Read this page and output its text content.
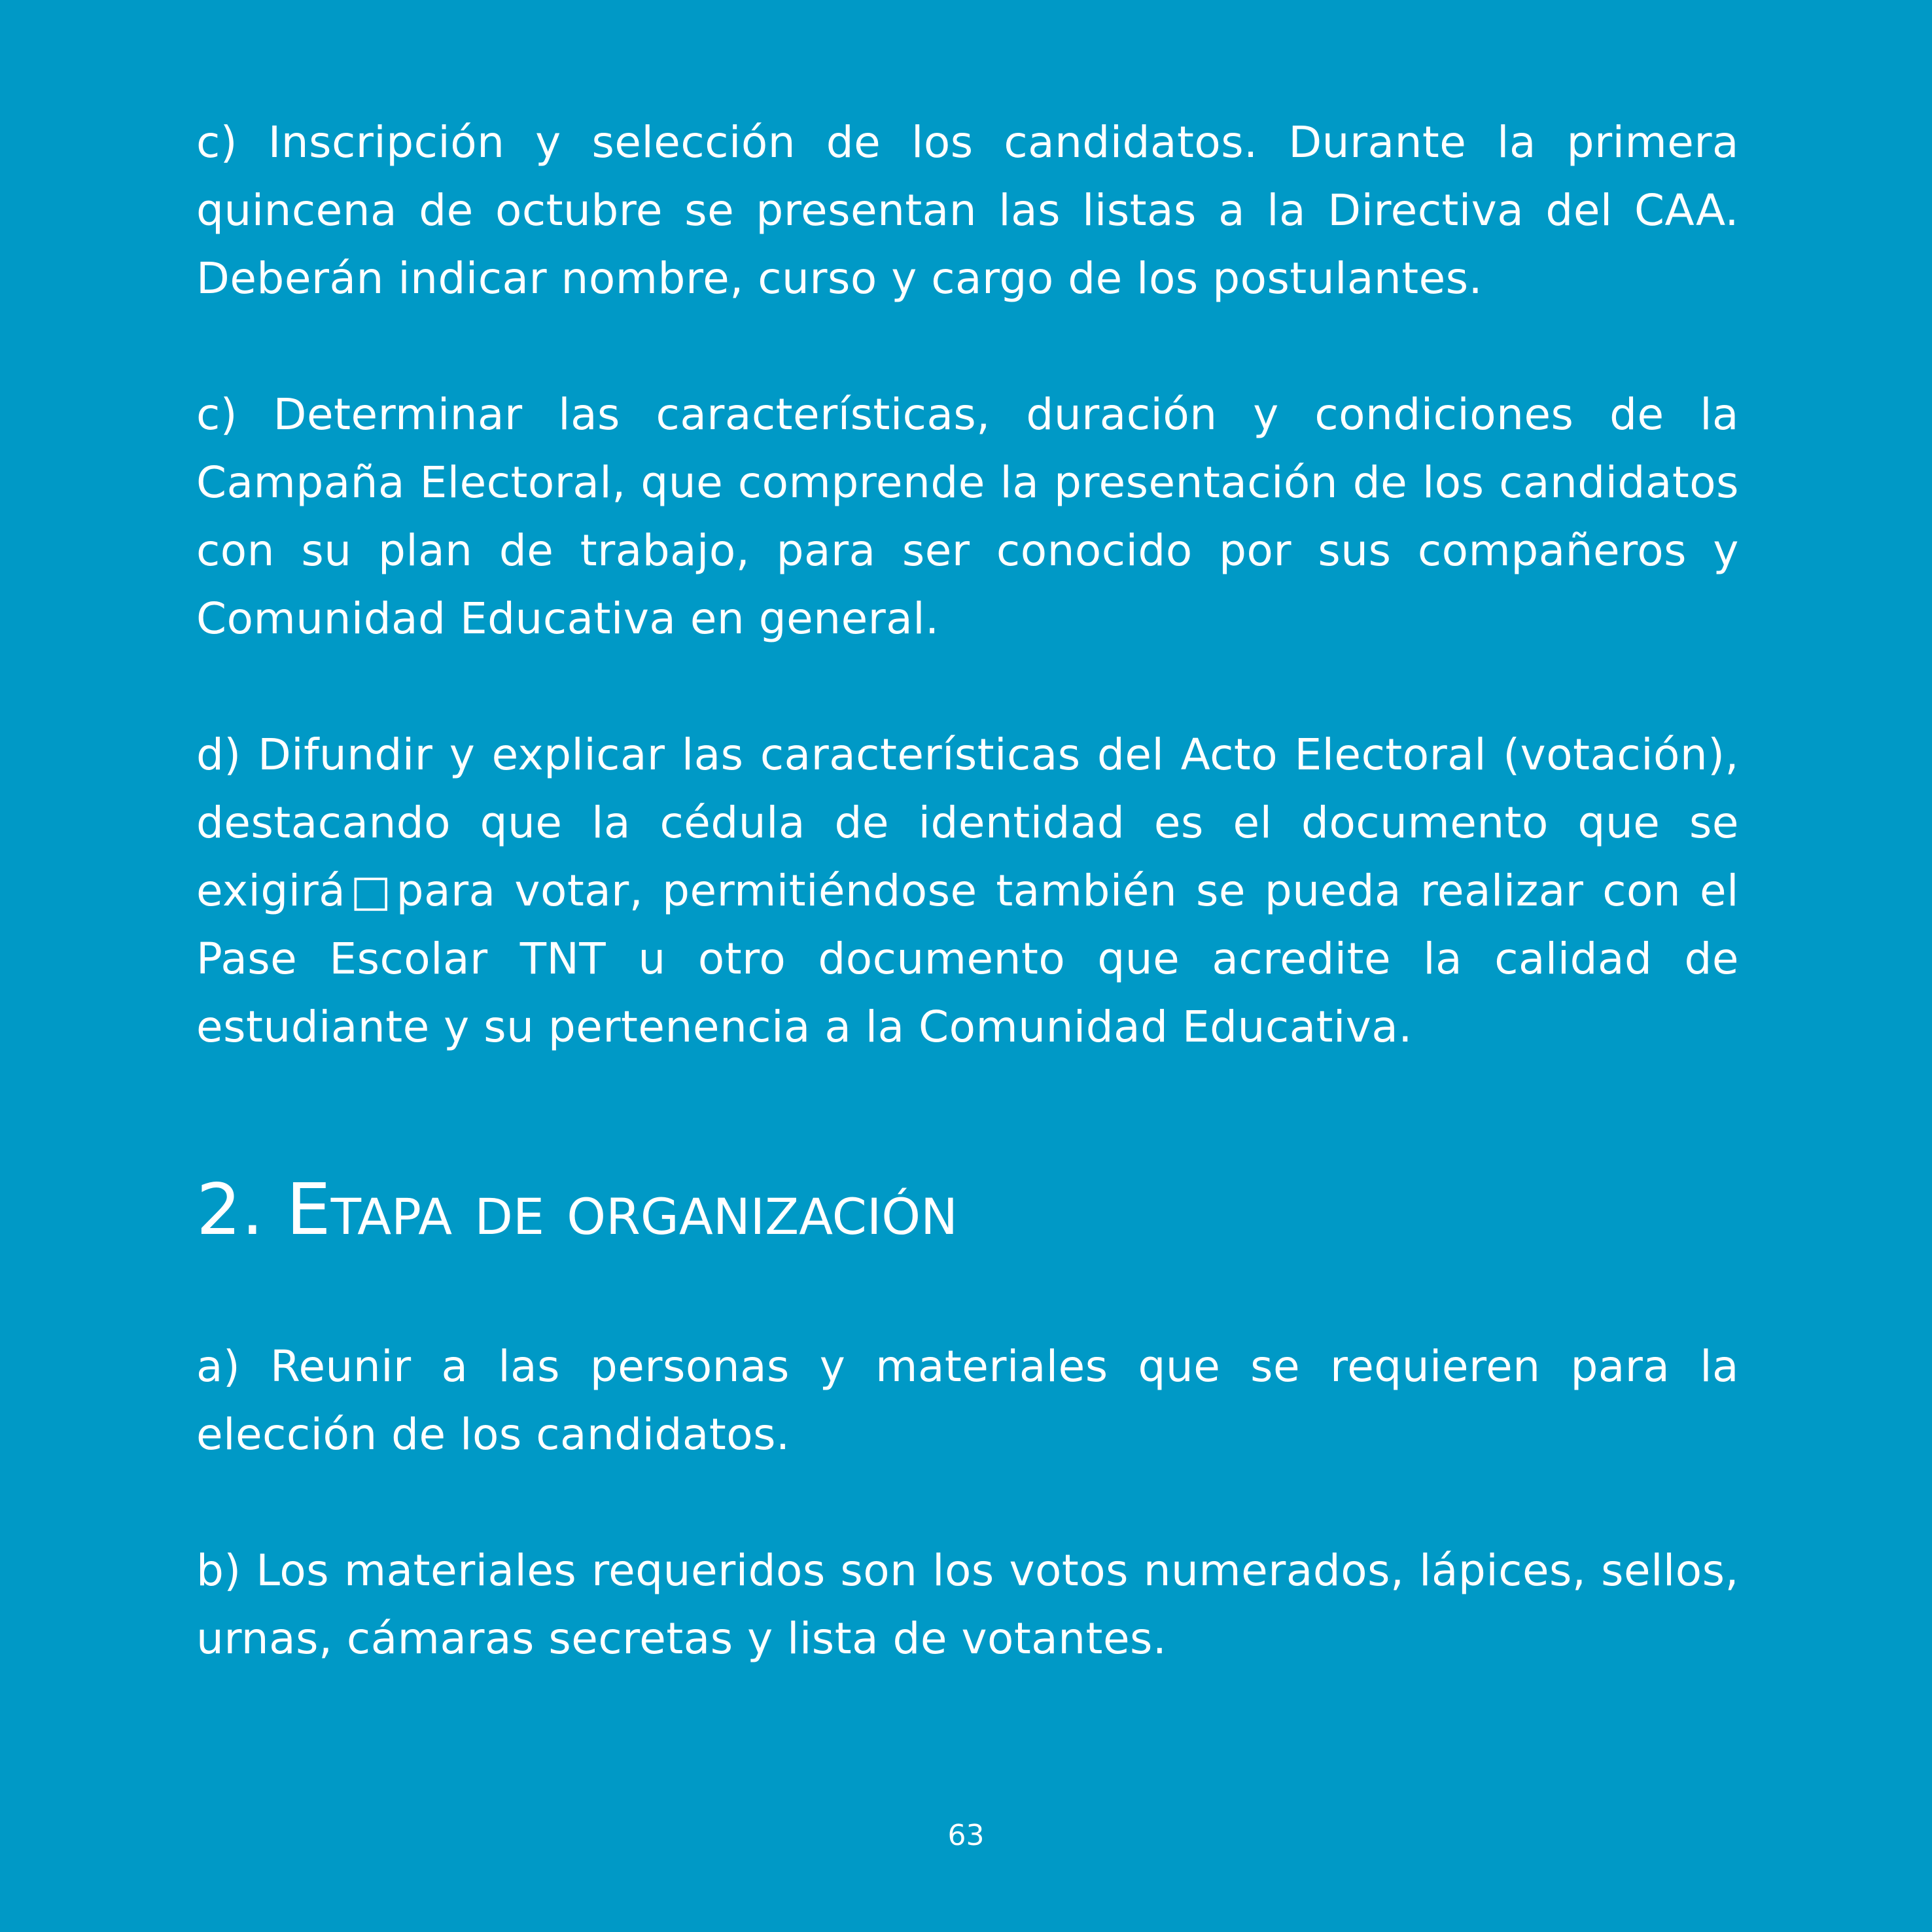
c) Inscripción y selección de los candidatos. Durante la primera quincena de octubre se presentan las listas a la Directiva del CAA. Deberán indicar nombre, curso y cargo de los postulantes.

c) Determinar las características, duración y condiciones de la Campaña Electoral, que comprende la presentación de los candidatos con su plan de trabajo, para ser conocido por sus compañeros y Comunidad Educativa en general.

d) Difundir y explicar las características del Acto Electoral (votación), destacando que la cédula de identidad es el documento que se exigirá□para votar, permitiéndose también se pueda realizar con el Pase Escolar TNT u otro documento que acredite la calidad de estudiante y su pertenencia a la Comunidad Educativa.

2. Etapa de organización

a) Reunir a las personas y materiales que se requieren para la elección de los candidatos.

b) Los materiales requeridos son los votos numerados, lápices, sellos, urnas, cámaras secretas y lista de votantes.

63
